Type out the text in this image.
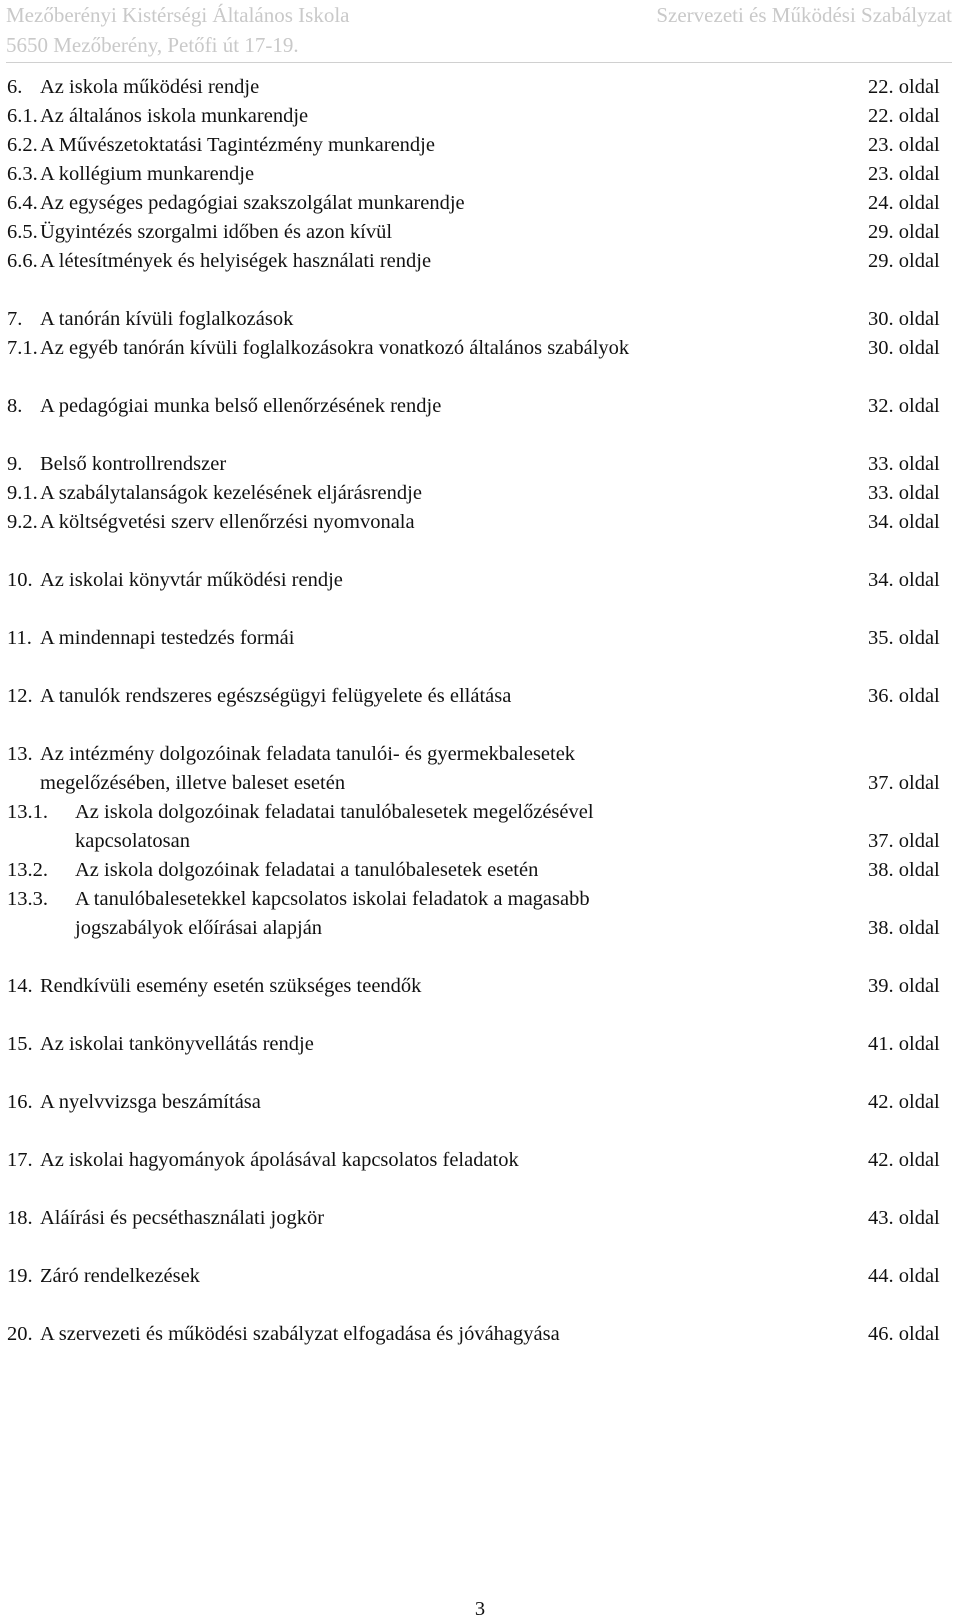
Mezőberényi Kistérségi Általános Iskola	Szervezeti és Működési Szabályzat
5650 Mezőberény, Petőfi út 17-19.
6. Az iskola működési rendje	22. oldal
6.1. Az általános iskola munkarendje	22. oldal
6.2. A Művészetoktatási Tagintézmény munkarendje	23. oldal
6.3. A kollégium munkarendje	23. oldal
6.4. Az egységes pedagógiai szakszolgálat munkarendje	24. oldal
6.5. Ügyintézés szorgalmi időben és azon kívül	29. oldal
6.6. A létesítmények és helyiségek használati rendje	29. oldal
7. A tanórán kívüli foglalkozások	30. oldal
7.1. Az egyéb tanórán kívüli foglalkozásokra vonatkozó általános szabályok	30. oldal
8. A pedagógiai munka belső ellenőrzésének rendje	32. oldal
9. Belső kontrollrendszer	33. oldal
9.1. A szabálytalanságok kezelésének eljárásrendje	33. oldal
9.2. A költségvetési szerv ellenőrzési nyomvonala	34. oldal
10. Az iskolai könyvtár működési rendje	34. oldal
11. A mindennapi testedzés formái	35. oldal
12. A tanulók rendszeres egészségügyi felügyelete és ellátása	36. oldal
13. Az intézmény dolgozóinak feladata tanulói- és gyermekbalesetek
megelőzésében, illetve baleset esetén	37. oldal
13.1. Az iskola dolgozóinak feladatai tanulóbalesetek megelőzésével
kapcsolatosan	37. oldal
13.2. Az iskola dolgozóinak feladatai a tanulóbalesetek esetén	38. oldal
13.3. A tanulóbalesetekkel kapcsolatos iskolai feladatok a magasabb
jogszabályok előírásai alapján	38. oldal
14. Rendkívüli esemény esetén szükséges teendők	39. oldal
15. Az iskolai tankönyvellátás rendje	41. oldal
16. A nyelvvizsga beszámítása	42. oldal
17. Az iskolai hagyományok ápolásával kapcsolatos feladatok	42. oldal
18. Aláírási és pecséthasználati jogkör	43. oldal
19. Záró rendelkezések	44. oldal
20. A szervezeti és működési szabályzat elfogadása és jóváhagyása	46. oldal
3
